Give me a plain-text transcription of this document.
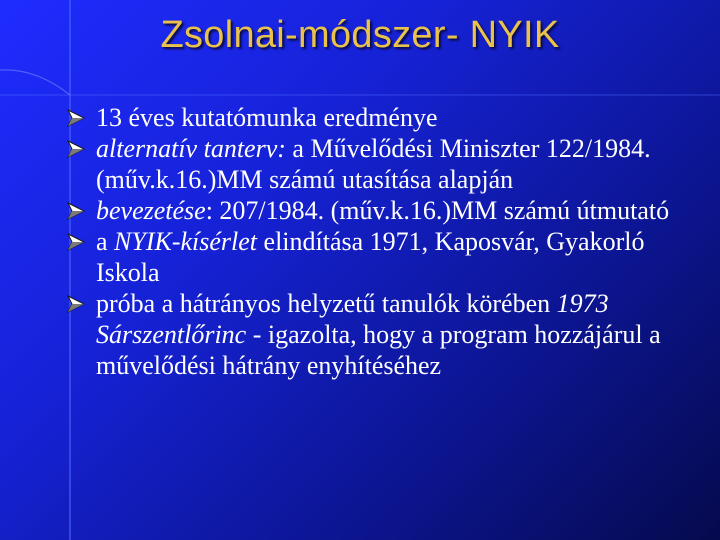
Zsolnai-módszer- NYIK
13 éves kutatómunka eredménye
alternatív tanterv: a Művelődési Miniszter 122/1984.(műv.k.16.)MM számú utasítása alapján
bevezetése: 207/1984. (műv.k.16.)MM számú útmutató
a NYIK-kísérlet elindítása 1971, Kaposvár, Gyakorló Iskola
próba a hátrányos helyzetű tanulók körében 1973 Sárszentlőrinc - igazolta, hogy a program hozzájárul a művelődési hátrány enyhítéséhez
